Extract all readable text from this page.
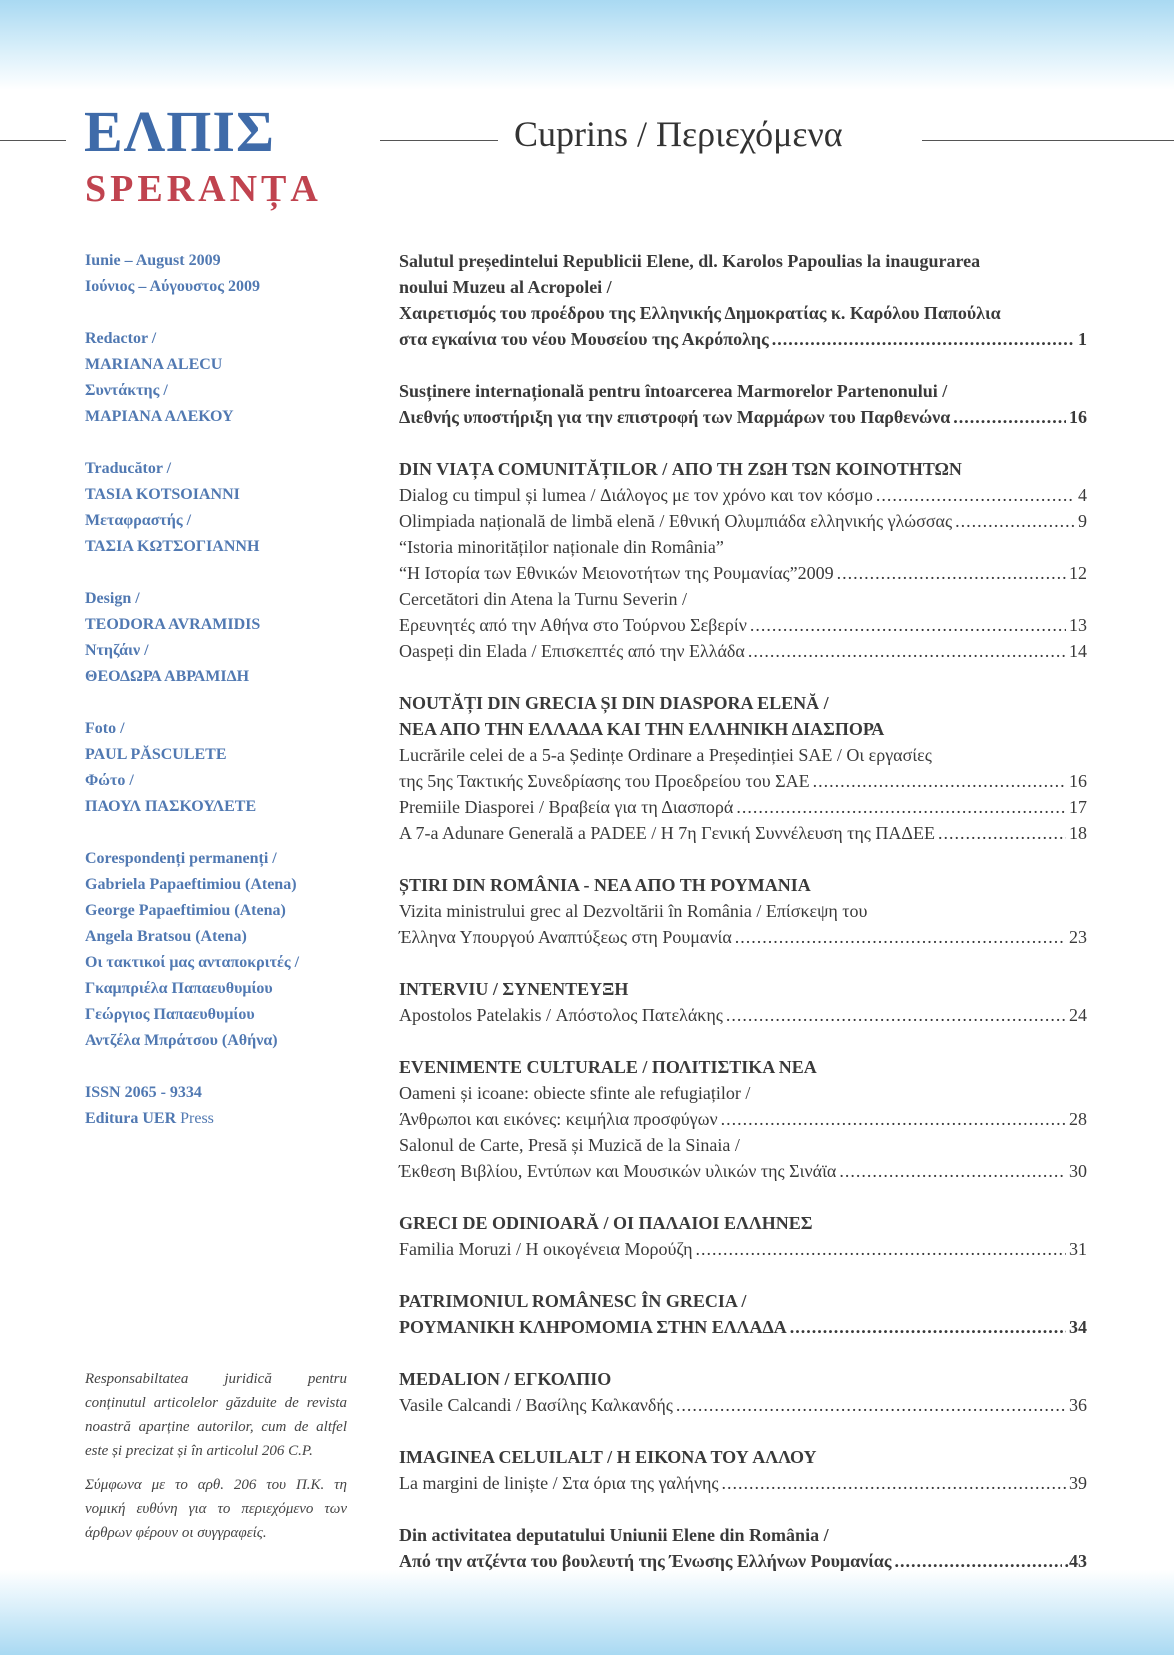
ΕΛΠΙΣ
SPERANȚA
Cuprins / Περιεχόμενα
Iunie – August 2009
Ιούνιος – Αύγουστος 2009
Redactor /
MARIANA ALECU
Συντάκτης /
ΜΑΡΙΑΝΑ ΑΛΕΚΟΥ
Traducător /
TASIA KOTSOIANNI
Μεταφραστής /
ΤΑΣΙΑ ΚΩΤΣΟΓΙΑΝΝΗ
Design /
TEODORA AVRAMIDIS
Ντηζάιν /
ΘΕΟΔΩΡΑ ΑΒΡΑΜΙΔΗ
Foto /
PAUL PĂSCULETE
Φώτο /
ΠΑΟΥΛ ΠΑΣΚΟΥΛΕΤΕ
Corespondenți permanenți /
Gabriela Papaeftimiou (Atena)
George Papaeftimiou (Atena)
Angela Bratsou (Atena)
Οι τακτικοί μας ανταποκριτές /
Γκαμπριέλα Παπαευθυμίου
Γεώργιος Παπαευθυμίου
Αντζέλα Μπράτσου (Αθήνα)
ISSN 2065 - 9334
Editura UER Press

Responsabiltatea juridică pentru conținutul articolelor găzduite de revista noastră aparține autorilor, cum de altfel este și precizat și în articolul 206 C.P.

Σύμφωνα με το αρθ. 206 του Π.Κ. τη νομική ευθύνη για το περιεχόμενο των άρθρων φέρουν οι συγγραφείς.

Salutul președintelui Republicii Elene, dl. Karolos Papoulias la inaugurarea
noului Muzeu al Acropolei /
Χαιρετισμός του προέδρου της Ελληνικής Δημοκρατίας κ. Καρόλου Παπούλια
στα εγκαίνια του νέου Μουσείου της Ακρόπολης .....	1
Susținere internațională pentru întoarcerea Marmorelor Partenonului /
Διεθνής υποστήριξη για την επιστροφή των Μαρμάρων του Παρθενώνα .....	16
DIN VIAȚA COMUNITĂȚILOR / ΑΠΟ ΤΗ ΖΩΗ ΤΩΝ ΚΟΙΝΟΤΗΤΩΝ
Dialog cu timpul și lumea / Διάλογος με τον χρόνο και τον κόσμο .....	4
Olimpiada națională de limbă elenă / Εθνική Ολυμπιάδα ελληνικής γλώσσας .....	9
“Istoria minorităților naționale din România”
“Η Ιστορία των Εθνικών Μειονοτήτων της Ρουμανίας”2009 .....	12
Cercetători din Atena la Turnu Severin /
Ερευνητές από την Αθήνα στο Τούρνου Σεβερίν .....	13
Oaspeți din Elada / Επισκεπτές από την Ελλάδα .....	14
NOUTĂȚI DIN GRECIA ȘI DIN DIASPORA ELENĂ /
ΝΕΑ ΑΠΟ ΤΗΝ ΕΛΛΑΔΑ ΚΑΙ ΤΗΝ ΕΛΛΗΝΙΚΗ ΔΙΑΣΠΟΡΑ
Lucrările celei de a 5-a Ședințe Ordinare a Președinției SAE / Οι εργασίες
της 5ης Τακτικής Συνεδρίασης του Προεδρείου του ΣΑΕ .....	16
Premiile Diasporei / Βραβεία για τη Διασπορά .....	17
A 7-a Adunare Generală a PADEE / Η 7η Γενική Συννέλευση της ΠΑΔΕΕ .....	18
ȘTIRI DIN ROMÂNIA - ΝΕΑ ΑΠΟ ΤΗ ΡΟΥΜΑΝΙΑ
Vizita ministrului grec al Dezvoltării în România / Επίσκεψη του
Έλληνα Υπουργού Αναπτύξεως στη Ρουμανία .....	23
INTERVIU / ΣΥΝΕΝΤΕΥΞΗ
Apostolos Patelakis / Απόστολος Πατελάκης .....	24
EVENIMENTE CULTURALE / ΠΟΛΙΤΙΣΤΙΚΑ ΝΕΑ
Oameni și icoane: obiecte sfinte ale refugiaților /
Άνθρωποι και εικόνες: κειμήλια προσφύγων .....	28
Salonul de Carte, Presă și Muzică de la Sinaia /
Έκθεση Βιβλίου, Εντύπων και Μουσικών υλικών της Σινάϊα .....	30
GRECI DE ODINIOARĂ / ΟΙ ΠΑΛΑΙΟΙ ΕΛΛΗΝΕΣ
Familia Moruzi / Η οικογένεια Μορούζη .....	31
PATRIMONIUL ROMÂNESC ÎN GRECIA /
ΡΟΥΜΑΝΙΚΗ ΚΛΗΡΟΜΟΜΙΑ ΣΤΗΝ ΕΛΛΑΔΑ .....	34
MEDALION / ΕΓΚΟΛΠΙΟ
Vasile Calcandi / Βασίλης Καλκανδής .....	36
IMAGINEA CELUILALT / Η ΕΙΚΟΝΑ ΤΟΥ ΑΛΛΟΥ
La margini de liniște / Στα όρια της γαλήνης .....	39
Din activitatea deputatului Uniunii Elene din România /
Από την ατζέντα του βουλευτή της Ένωσης Ελλήνων Ρουμανίας .....	.43
